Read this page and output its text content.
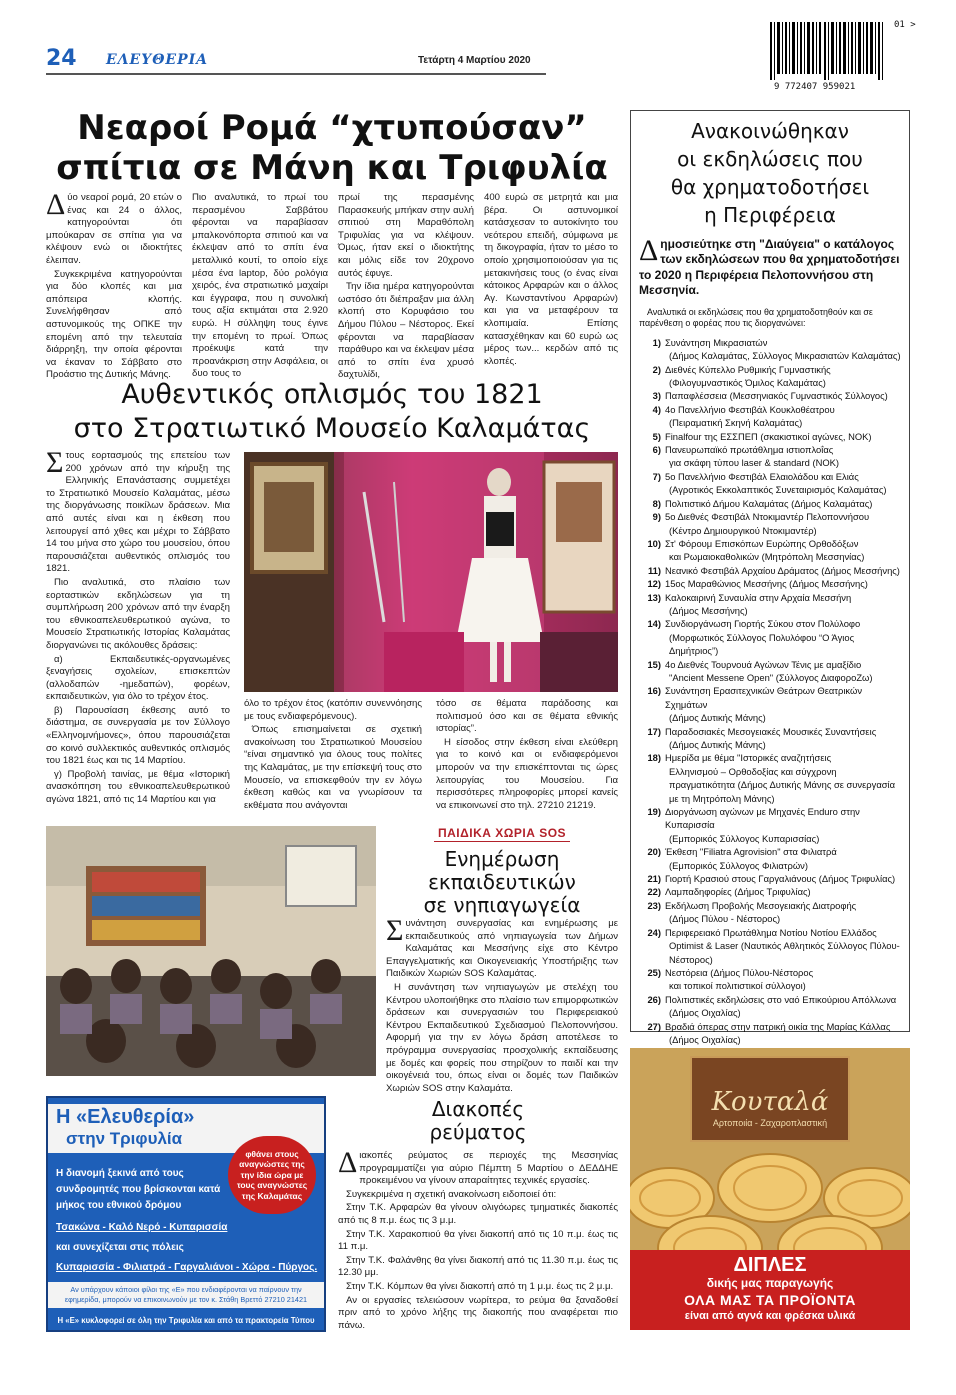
24 ΕΛΕΥΘΕΡΙΑ	Τετάρτη 4 Μαρτίου 2020
01 >
9 772407 959021
Νεαροί Ρομά “χτυπούσαν”
σπίτια σε Μάνη και Τριφυλία
Δ ύο νεαροί ρομά, 20 ετών ο ένας και 24 ο άλλος, κατηγορούνται ότι μπούκαραν σε σπίτια για να κλέψουν ενώ οι ιδιοκτήτες έλειπαν.

Συγκεκριμένα κατηγορούνται για δύο κλοπές και μια απόπειρα κλοπής. Συνελήφθησαν από αστυνομικούς της ΟΠΚΕ την επομένη από την τελευταία διάρρηξη, την οποία φέρονται να έκαναν το Σάββατο στο Προάστιο της Δυτικής Μάνης.

Πιο αναλυτικά, το πρωί του περασμένου Σαββάτου φέρονται να παραβίασαν μπαλκονόπορτα σπιτιού και να έκλεψαν από το σπίτι ένα μεταλλικό κουτί, το οποίο είχε μέσα ένα laptop, δύο ρολόγια χειρός, ένα στρατιωτικό μαχαίρι και έγγραφα, που η συνολική τους αξία εκτιμάται στα 2.920 ευρώ. Η σύλληψη τους έγινε την επομένη το πρωί. Όπως προέκυψε κατά την προανάκριση στην Ασφάλεια, οι δυο τους το

πρωί της περασμένης Παρασκευής μπήκαν στην αυλή σπιτιού στη Μαραθόπολη Τριφυλίας για να κλέψουν. Όμως, ήταν εκεί ο ιδιοκτήτης και μόλις είδε τον 20χρονο αυτός έφυγε.

Την ίδια ημέρα κατηγορούνται ωστόσο ότι διέπραξαν μια άλλη κλοπή στο Κορυφάσιο του Δήμου Πύλου – Νέστορος. Εκεί φέρονται να παραβίασαν παράθυρο και να έκλεψαν μέσα από το σπίτι ένα χρυσό δαχτυλίδι,

400 ευρώ σε μετρητά και μια βέρα. Οι αστυνομικοί κατάσχεσαν το αυτοκίνητο του νεότερου επειδή, σύμφωνα με τη δικογραφία, ήταν το μέσο το οποίο χρησιμοποιούσαν για τις μετακινήσεις τους (ο ένας είναι κάτοικος Αρφαρών και ο άλλος Αγ. Κωνσταντίνου Αρφαρών) και για να μεταφέρουν τα κλοπιμαία. Επίσης κατασχέθηκαν και 60 ευρώ ως μέρος των... κερδών από τις κλοπές.

Αυθεντικός οπλισμός του 1821
στο Στρατιωτικό Μουσείο Καλαμάτας
Σ τους εορτασμούς της επετείου των 200 χρόνων από την κήρυξη της Ελληνικής Επανάστασης συμμετέχει το Στρατιωτικό Μουσείο Καλαμάτας, μέσω της διοργάνωσης ποικίλων δράσεων. Μια από αυτές είναι και η έκθεση που λειτουργεί από χθες και μέχρι το Σάββατο 14 του μήνα στο χώρο του μουσείου, όπου παρουσιάζεται αυθεντικός οπλισμός του 1821.

Πιο αναλυτικά, στο πλαίσιο των εορταστικών εκδηλώσεων για τη συμπλήρωση 200 χρόνων από την έναρξη του εθνικοαπελευθερωτικού αγώνα, το Μουσείο Στρατιωτικής Ιστορίας Καλαμάτας διοργανώνει τις ακόλουθες δράσεις:

α) Εκπαιδευτικές-οργανωμένες ξεναγήσεις σχολείων, επισκεπτών (αλλοδαπών -ημεδαπών), φορέων, εκπαιδευτικών, για όλο το τρέχον έτος.

β) Παρουσίαση έκθεσης αυτό το διάστημα, σε συνεργασία με τον Σύλλογο «Ελληνομνήμονες», όπου παρουσιάζεται σο κοινό συλλεκτικός αυθεντικός οπλισμός του 1821 έως και τις 14 Μαρτίου.

γ) Προβολή ταινίας, με θέμα «Ιστορική ανασκόπηση του εθνικοαπελευθερωτικού αγώνα 1821, από τις 14 Μαρτίου και για

όλο το τρέχον έτος (κατόπιν συνεννόησης με τους ενδιαφερόμενους).

Όπως επισημαίνεται σε σχετική ανακοίνωση του Στρατιωτικού Μουσείου “είναι σημαντικό για όλους τους πολίτες της Καλαμάτας, με την επίσκεψή τους στο Μουσείο, να επισκεφθούν την εν λόγω έκθεση καθώς και να γνωρίσουν τα εκθέματα που ανάγονται

τόσο σε θέματα παράδοσης και πολιτισμού όσο και σε θέματα εθνικής ιστορίας”.

Η είσοδος στην έκθεση είναι ελεύθερη για το κοινό και οι ενδιαφερόμενοι μπορούν να την επισκέπτονται τις ώρες λειτουργίας του Μουσείου. Για περισσότερες πληροφορίες μπορεί κανείς να επικοινωνεί στο τηλ. 27210 21219.

ΠΑΙΔΙΚΑ ΧΩΡΙΑ SOS
Ενημέρωση
εκπαιδευτικών
σε νηπιαγωγεία
Σ υνάντηση συνεργασίας και ενημέρωσης με εκπαιδευτικούς από νηπιαγωγεία των Δήμων Καλαμάτας και Μεσσήνης είχε στο Κέντρο Επαγγελματικής και Οικογενειακής Υποστήριξης των Παιδικών Χωριών SOS Καλαμάτας.

Η συνάντηση των νηπιαγωγών με στελέχη του Κέντρου υλοποιήθηκε στο πλαίσιο των επιμορφωτικών δράσεων και συνεργασιών του Περιφερειακού Κέντρου Εκπαιδευτικού Σχεδιασμού Πελοποννήσου. Αφορμή για την εν λόγω δράση αποτέλεσε το πρόγραμμα συνεργασίας προσχολικής εκπαίδευσης με δομές και φορείς που στηρίζουν το παιδί και την οικογένειά του, όπως είναι οι δομές των Παιδικών Χωριών SOS στην Καλαμάτα.

Η «Ελευθερία»
στην Τριφυλία
φθάνει στους αναγνώστες της την ίδια ώρα με τους αναγνώστες της Καλαμάτας
Η διανομή ξεκινά από τους συνδρομητές που βρίσκονται κατά μήκος του εθνικού δρόμου
Τσακώνα - Καλό Νερό - Κυπαρισσία
και συνεχίζεται στις πόλεις
Κυπαρισσία - Φιλιατρά - Γαργαλιάνοι - Χώρα - Πύργος.
Αν υπάρχουν κάποιοι φίλοι της «Ε» που ενδιαφέρονται να παίρνουν την εφημερίδα, μπορούν να επικοινωνούν με τον κ. Στάθη Βρεττό 27210 21421
Η «Ε» κυκλοφορεί σε όλη την Τριφυλία και από τα πρακτορεία Τύπου
Διακοπές
ρεύματος
Δ ιακοπές ρεύματος σε περιοχές της Μεσσηνίας προγραμματίζει για αύριο Πέμπτη 5 Μαρτίου ο ΔΕΔΔΗΕ προκειμένου να γίνουν απαραίτητες τεχνικές εργασίες.

Συγκεκριμένα η σχετική ανακοίνωση ειδοποιεί ότι:

Στην Τ.Κ. Αρφαρών θα γίνουν ολιγόωρες τμηματικές διακοπές από τις 8 π.μ. έως τις 3 μ.μ.

Στην Τ.Κ. Χαρακοπιού θα γίνει διακοπή από τις 10 π.μ. έως τις 11 π.μ.

Στην Τ.Κ. Φαλάνθης θα γίνει διακοπή από τις 11.30 π.μ. έως τις 12.30 μμ.

Στην Τ.Κ. Κόμπων θα γίνει διακοπή από τη 1 μ.μ. έως τις 2 μ.μ.

Αν οι εργασίες τελειώσουν νωρίτερα, το ρεύμα θα ξαναδοθεί πριν από το χρόνο λήξης της διακοπής που αναφέρεται πιο πάνω.

Ανακοινώθηκαν
οι εκδηλώσεις που
θα χρηματοδοτήσει
η Περιφέρεια
Δ ημοσιεύτηκε στη "Διαύγεια" ο κατάλογος των εκδηλώσεων που θα χρηματοδοτήσει το 2020 η Περιφέρεια Πελοποννήσου στη Μεσσηνία.
Αναλυτικά οι εκδηλώσεις που θα χρηματοδοτηθούν και σε παρένθεση ο φορέας που τις διοργανώνει:
1) Συνάντηση Μικρασιατών
(Δήμος Καλαμάτας, Σύλλογος Μικρασιατών Καλαμάτας)
2) Διεθνές Κύπελλο Ρυθμικής Γυμναστικής
(Φιλογυμναστικός Όμιλος Καλαμάτας)
3) Παπαφλέσσεια (Μεσσηνιακός Γυμναστικός Σύλλογος)
4) 4ο Πανελλήνιο Φεστιβάλ Κουκλοθέατρου
(Πειραματική Σκηνή Καλαμάτας)
5) Finalfour της ΕΣΣΠΕΠ (σκακιστικοί αγώνες, ΝΟΚ)
6) Πανευρωπαϊκό πρωτάθλημα ιστιοπλοΐας
για σκάφη τύπου laser & standard (ΝΟΚ)
7) 5ο Πανελλήνιο Φεστιβάλ Ελαιολάδου και Ελιάς
(Αγροτικός Εκκολαπτικός Συνεταιρισμός Καλαμάτας)
8) Πολιτιστικό Δήμου Καλαμάτας (Δήμος Καλαμάτας)
9) 5ο Διεθνές Φεστιβάλ Ντοκιμαντέρ Πελοποννήσου
(Κέντρο Δημιουργικού Ντοκιμαντέρ)
10) Στ' Φόρουμ Επισκόπων Ευρώπης Ορθοδόξων
και Ρωμαιοκαθολικών (Μητρόπολη Μεσσηνίας)
11) Νεανικό Φεστιβάλ Αρχαίου Δράματος (Δήμος Μεσσήνης)
12) 15ος Μαραθώνιος Μεσσήνης (Δήμος Μεσσήνης)
13) Καλοκαιρινή Συναυλία στην Αρχαία Μεσσήνη
(Δήμος Μεσσήνης)
14) Συνδιοργάνωση Γιορτής Σύκου στον Πολύλοφο
(Μορφωτικός Σύλλογος Πολυλόφου “Ο Άγιος Δημήτριος”)
15) 4ο Διεθνές Τουρνουά Αγώνων Τένις με αμαξίδιο
"Ancient Messene Open" (Σύλλογος ΔιαφοροΖω)
16) Συνάντηση Ερασιτεχνικών Θεάτρων Θεατρικών Σχημάτων
(Δήμος Δυτικής Μάνης)
17) Παραδοσιακές Μεσογειακές Μουσικές Συναντήσεις
(Δήμος Δυτικής Μάνης)
18) Ημερίδα με θέμα "Ιστορικές αναζητήσεις
Ελληνισμού – Ορθοδοξίας και σύγχρονη πραγματικότητα (Δήμος Δυτικής Μάνης σε συνεργασία με τη Μητρόπολη Μάνης)
19) Διοργάνωση αγώνων με Μηχανές Enduro στην Κυπαρισσία
(Εμπορικός Σύλλογος Κυπαρισσίας)
20) Έκθεση "Filiatra Agrovision" στα Φιλιατρά
(Εμπορικός Σύλλογος Φιλιατρών)
21) Γιορτή Κρασιού στους Γαργαλιάνους (Δήμος Τριφυλίας)
22) Λαμπαδηφορίες (Δήμος Τριφυλίας)
23) Εκδήλωση Προβολής Μεσογειακής Διατροφής
(Δήμος Πύλου - Νέστορος)
24) Περιφερειακό Πρωτάθλημα Νοτίου Νοτίου Ελλάδος
Optimist & Laser (Ναυτικός Αθλητικός Σύλλογος Πύλου-Νέστορος)
25) Νεστόρεια (Δήμος Πύλου-Νέστορος
και τοπικοί πολιτιστικοί σύλλογοι)
26) Πολιτιστικές εκδηλώσεις στο ναό Επικούριου Απόλλωνα
(Δήμος Οιχαλίας)
27) Βραδιά όπερας στην πατρική οικία της Μαρίας Κάλλας
(Δήμος Οιχαλίας)
Κουταλά
Αρτοποιία - Ζαχαροπλαστική
ΔΙΠΛΕΣ
δικής μας παραγωγής
ΟΛΑ ΜΑΣ ΤΑ ΠΡΟΪΟΝΤΑ
είναι από αγνά και φρέσκα υλικά
